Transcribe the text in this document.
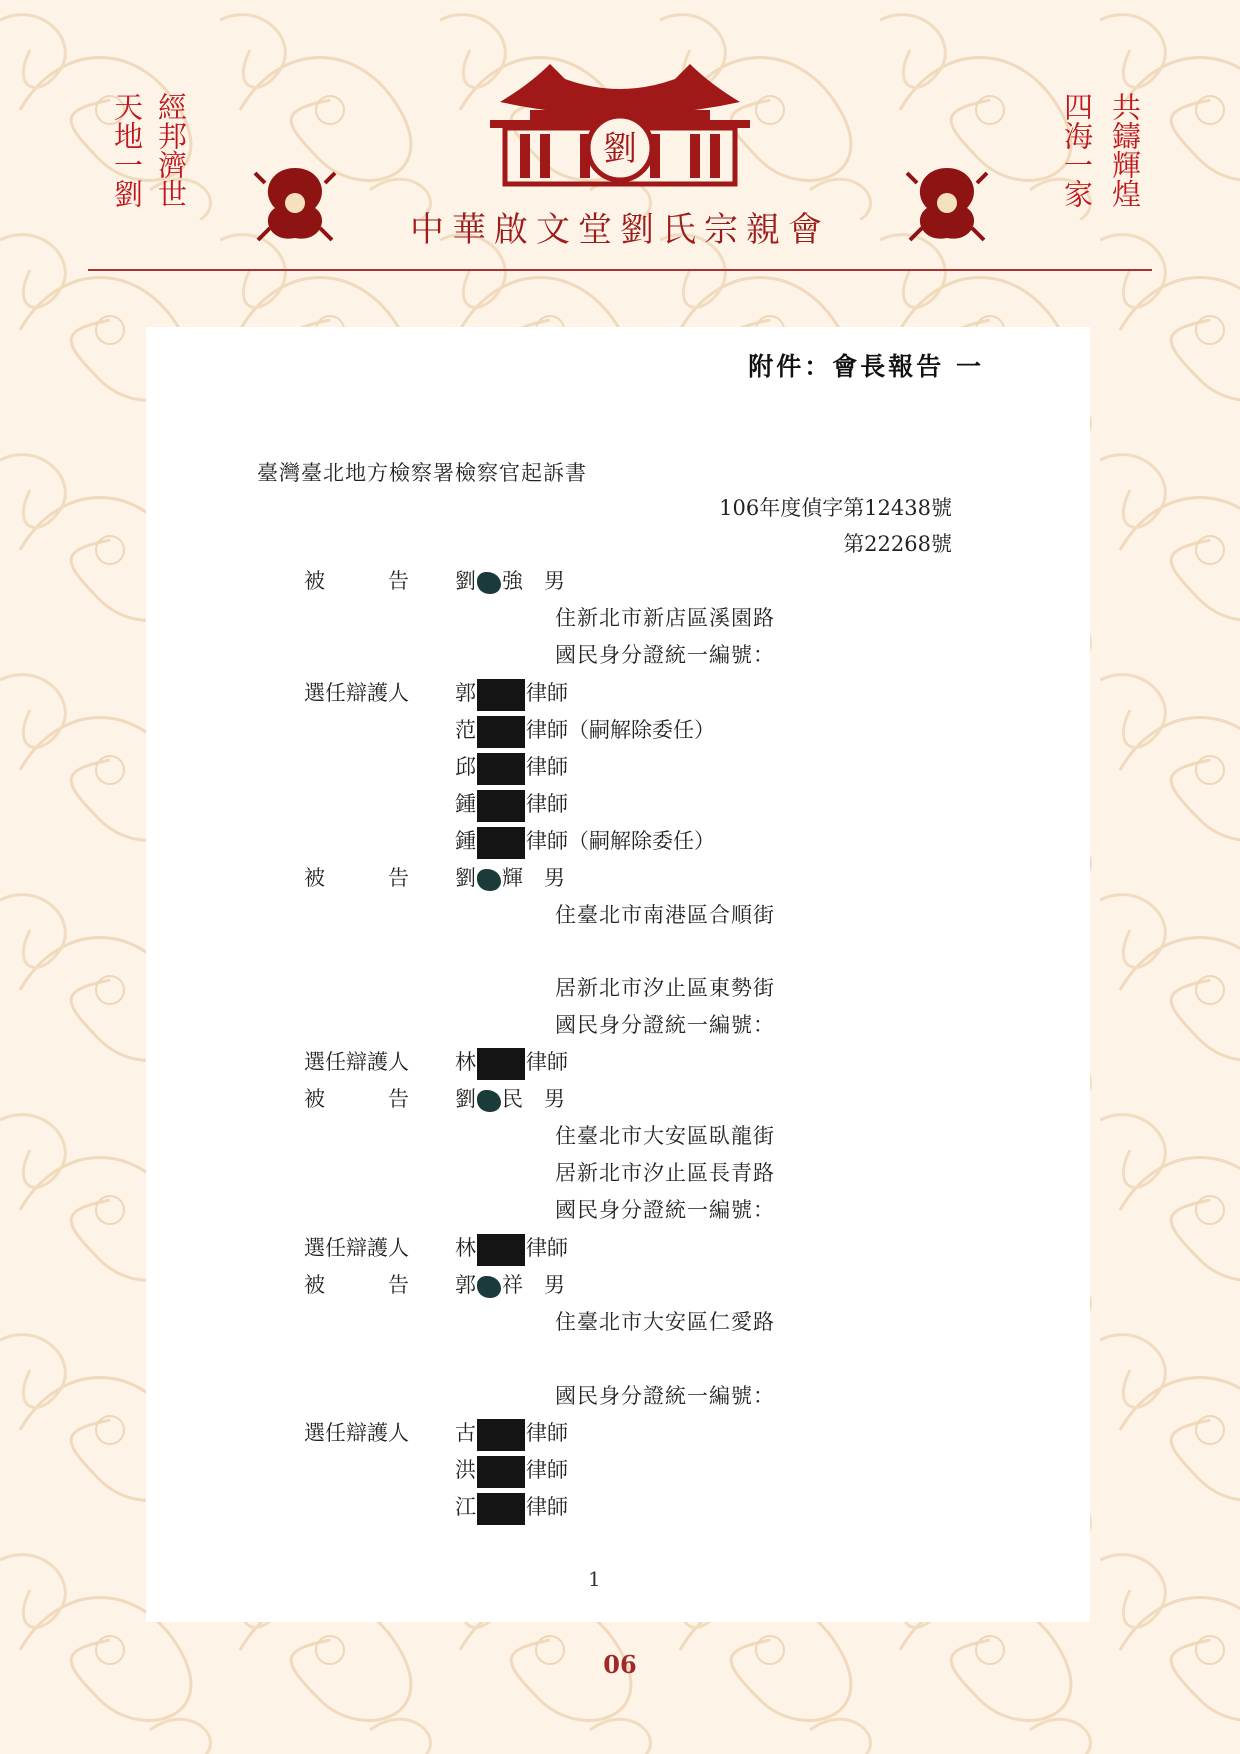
經邦濟世
天地一劉	共鑄輝煌
四海一家
劉
中華啟文堂劉氏宗親會
附件：會長報告 一
臺灣臺北地方檢察署檢察官起訴書
106年度偵字第12438號
第22268號
被　　　告 劉 強　 男
住新北市新店區溪園路
國民身分證統一編號：
選任辯護人 郭 律師
范 律師（嗣解除委任）
邱 律師
鍾 律師
鍾 律師（嗣解除委任）
被　　　告 劉 輝　 男
住臺北市南港區合順街
居新北市汐止區東勢街
國民身分證統一編號：
選任辯護人 林 律師
被　　　告 劉 民　 男
住臺北市大安區臥龍街
居新北市汐止區長青路
國民身分證統一編號：
選任辯護人 林 律師
被　　　告 郭 祥　 男
住臺北市大安區仁愛路
國民身分證統一編號：
選任辯護人 古 律師
洪 律師
江 律師
1
06
